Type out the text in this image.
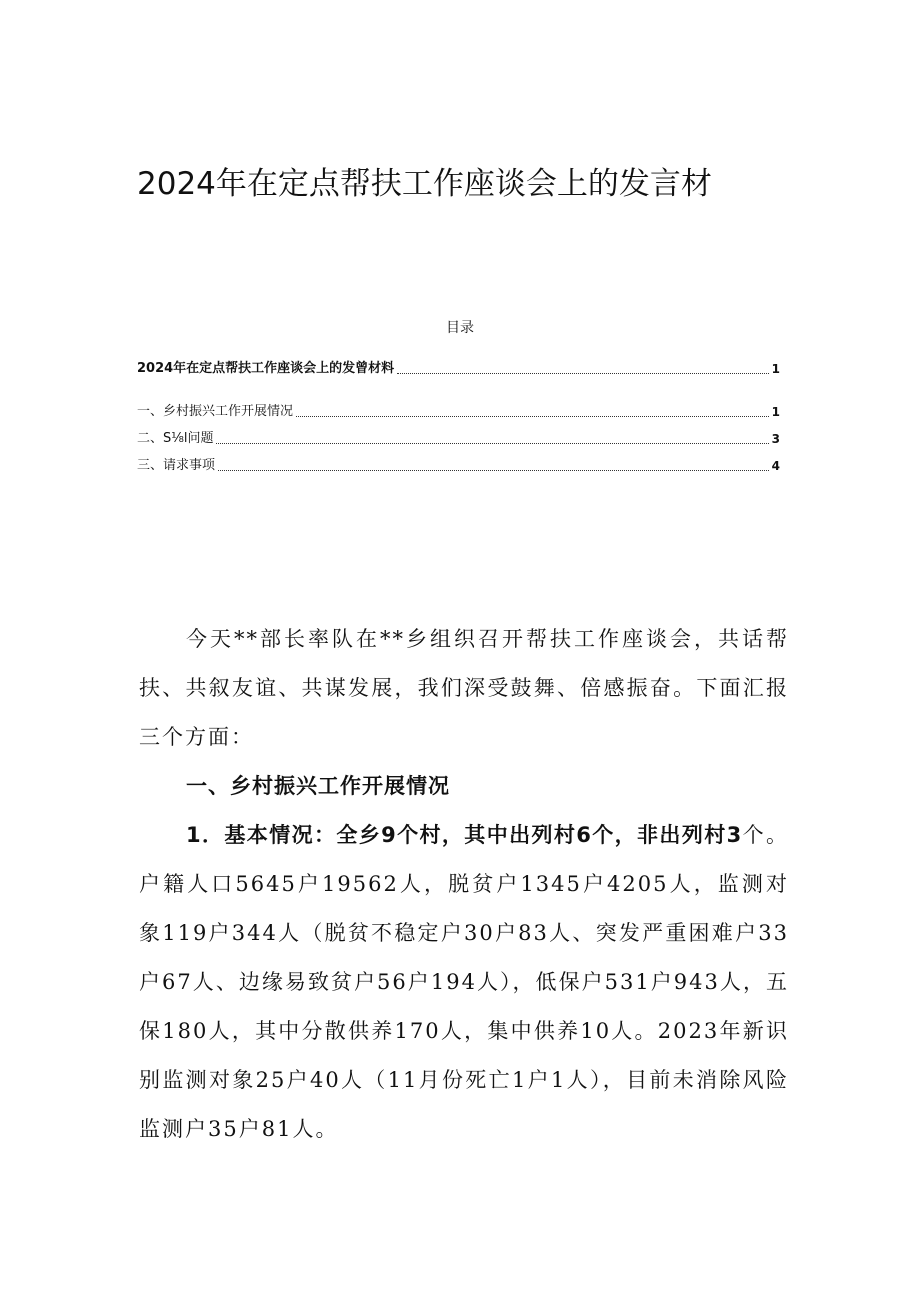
2024年在定点帮扶工作座谈会上的发言材
目录
2024年在定点帮扶工作座谈会上的发曾材料	1
一、乡村振兴工作开展情况	1
二、S⅛l问题	3
三、请求事项	4

今天**部长率队在**乡组织召开帮扶工作座谈会，共话帮扶、共叙友谊、共谋发展，我们深受鼓舞、倍感振奋。下面汇报三个方面：

一、乡村振兴工作开展情况

1．基本情况：全乡9个村，其中出列村6个，非出列村3个。户籍人口5645户19562人，脱贫户1345户4205人，监测对象119户344人（脱贫不稳定户30户83人、突发严重困难户33户67人、边缘易致贫户56户194人），低保户531户943人，五保180人，其中分散供养170人，集中供养10人。2023年新识别监测对象25户40人（11月份死亡1户1人），目前未消除风险监测户35户81人。
